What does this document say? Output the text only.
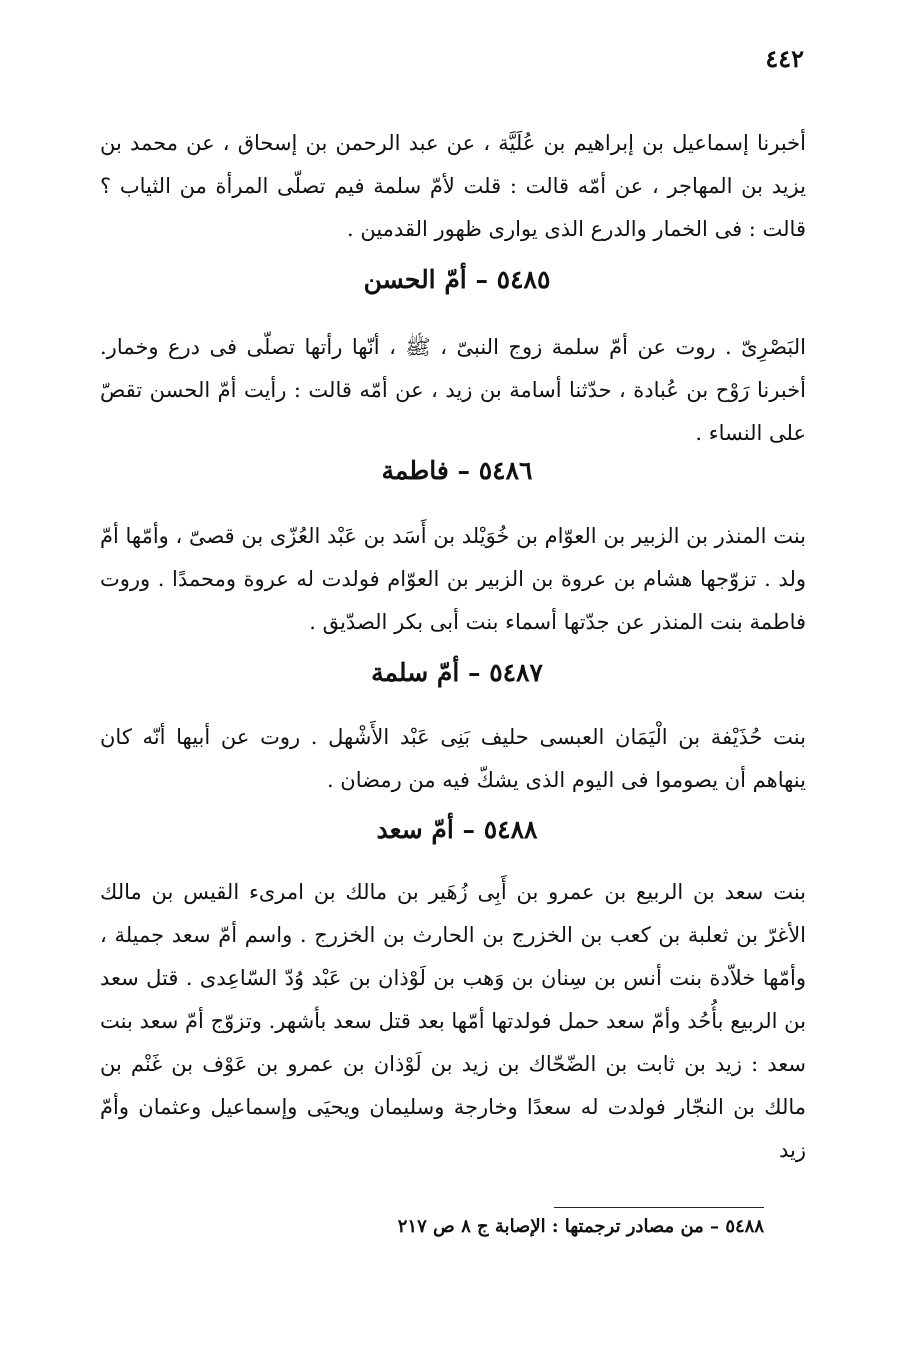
٤٤٢

أخبرنا إسماعيل بن إبراهيم بن عُلَيَّة ، عن عبد الرحمن بن إسحاق ، عن محمد بن يزيد بن المهاجر ، عن أمّه قالت : قلت لأمّ سلمة فيم تصلّى المرأة من الثياب ؟ قالت : فى الخمار والدرع الذى يوارى ظهور القدمين .

٥٤٨٥ – أمّ الحسن

البَصْرِىّ . روت عن أمّ سلمة زوج النبىّ ، ﷺ ، أنّها رأتها تصلّى فى درع وخمار. أخبرنا رَوْح بن عُبادة ، حدّثنا أسامة بن زيد ، عن أمّه قالت : رأيت أمّ الحسن تقصّ على النساء .

٥٤٨٦ – فاطمة

بنت المنذر بن الزبير بن العوّام بن خُوَيْلد بن أَسَد بن عَبْد العُزّى بن قصىّ ، وأمّها أمّ ولد . تزوّجها هشام بن عروة بن الزبير بن العوّام فولدت له عروة ومحمدًا . وروت فاطمة بنت المنذر عن جدّتها أسماء بنت أبى بكر الصدّيق .

٥٤٨٧ – أمّ سلمة

بنت حُذَيْفة بن الْيَمَان العبسى حليف بَنِى عَبْد الأَشْهل . روت عن أبيها أنّه كان ينهاهم أن يصوموا فى اليوم الذى يشكّ فيه من رمضان .

٥٤٨٨ – أمّ سعد

بنت سعد بن الربيع بن عمرو بن أَبِى زُهَير بن مالك بن امرىء القيس بن مالك الأغرّ بن ثعلبة بن كعب بن الخزرج بن الحارث بن الخزرج . واسم أمّ سعد جميلة ، وأمّها خلاّدة بنت أنس بن سِنان بن وَهب بن لَوْذان بن عَبْد وُدّ السّاعِدى . قتل سعد بن الربيع بأُحُد وأمّ سعد حمل فولدتها أمّها بعد قتل سعد بأشهر. وتزوّج أمّ سعد بنت سعد : زيد بن ثابت بن الضّحّاك بن زيد بن لَوْذان بن عمرو بن عَوْف بن غَنْم بن مالك بن النجّار فولدت له سعدًا وخارجة وسليمان ويحيَى وإسماعيل وعثمان وأمّ زيد

٥٤٨٨ – من مصادر ترجمتها : الإصابة ج ٨ ص ٢١٧
